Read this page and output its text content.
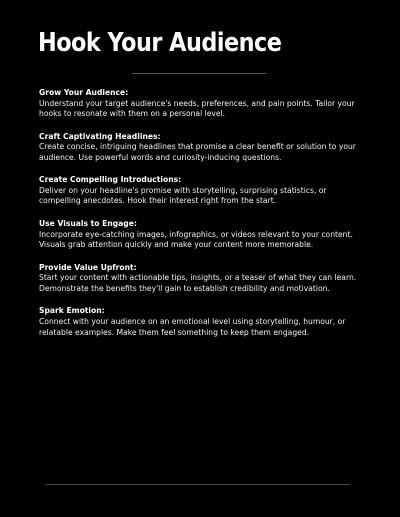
Hook Your Audience

Grow Your Audience:

Understand your target audience's needs, preferences, and pain points. Tailor your hooks to resonate with them on a personal level.

Craft Captivating Headlines:

Create concise, intriguing headlines that promise a clear benefit or solution to your audience. Use powerful words and curiosity-inducing questions.

Create Compelling Introductions:

Deliver on your headline's promise with storytelling, surprising statistics, or compelling anecdotes. Hook their interest right from the start.

Use Visuals to Engage:

Incorporate eye-catching images, infographics, or videos relevant to your content. Visuals grab attention quickly and make your content more memorable.

Provide Value Upfront:

Start your content with actionable tips, insights, or a teaser of what they can learn. Demonstrate the benefits they'll gain to establish credibility and motivation.

Spark Emotion:

Connect with your audience on an emotional level using storytelling, humour, or relatable examples. Make them feel something to keep them engaged.
